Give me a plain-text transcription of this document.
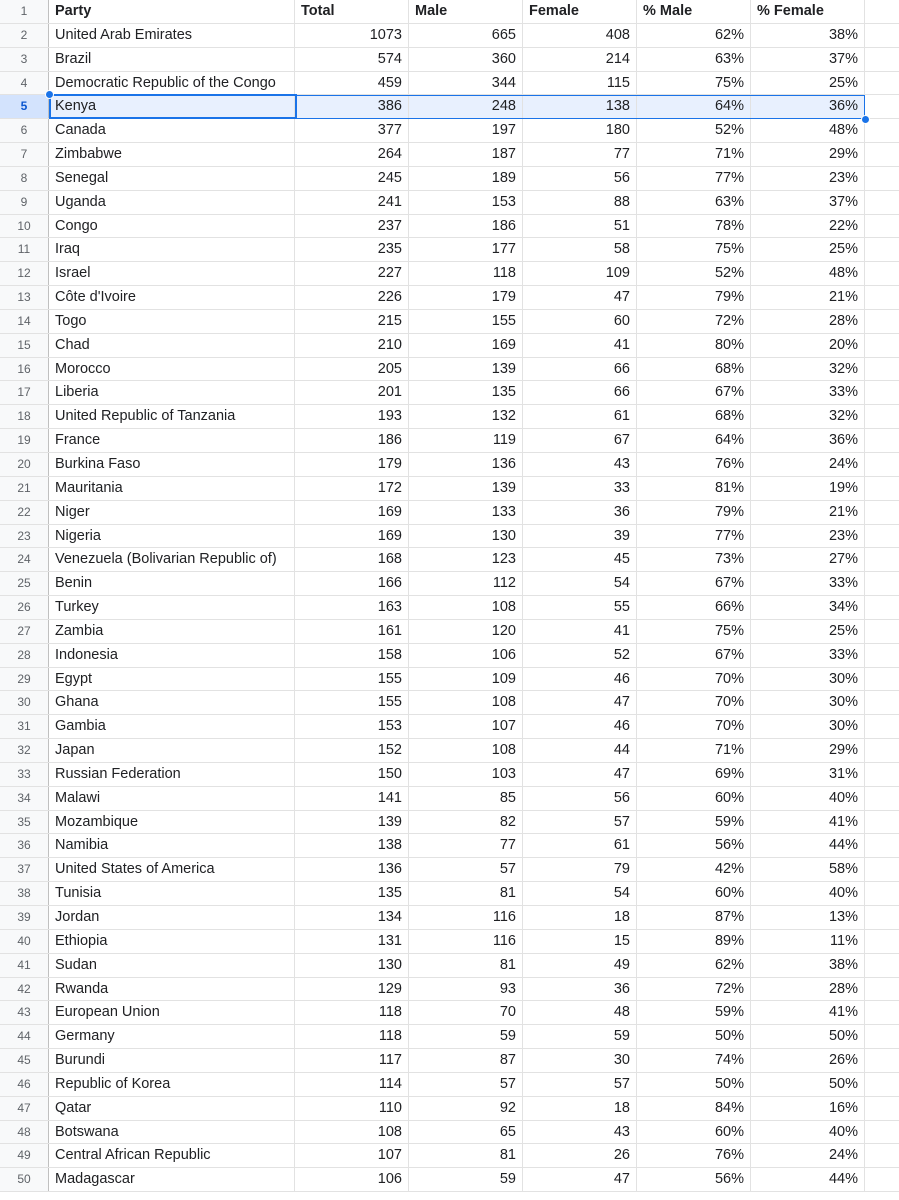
1	Party	Total	Male	Female	% Male	% Female
2	United Arab Emirates	1073	665	408	62%	38%
3	Brazil	574	360	214	63%	37%
4	Democratic Republic of the Congo	459	344	115	75%	25%
5	Kenya	386	248	138	64%	36%
6	Canada	377	197	180	52%	48%
7	Zimbabwe	264	187	77	71%	29%
8	Senegal	245	189	56	77%	23%
9	Uganda	241	153	88	63%	37%
10	Congo	237	186	51	78%	22%
11	Iraq	235	177	58	75%	25%
12	Israel	227	118	109	52%	48%
13	Côte d'Ivoire	226	179	47	79%	21%
14	Togo	215	155	60	72%	28%
15	Chad	210	169	41	80%	20%
16	Morocco	205	139	66	68%	32%
17	Liberia	201	135	66	67%	33%
18	United Republic of Tanzania	193	132	61	68%	32%
19	France	186	119	67	64%	36%
20	Burkina Faso	179	136	43	76%	24%
21	Mauritania	172	139	33	81%	19%
22	Niger	169	133	36	79%	21%
23	Nigeria	169	130	39	77%	23%
24	Venezuela (Bolivarian Republic of)	168	123	45	73%	27%
25	Benin	166	112	54	67%	33%
26	Turkey	163	108	55	66%	34%
27	Zambia	161	120	41	75%	25%
28	Indonesia	158	106	52	67%	33%
29	Egypt	155	109	46	70%	30%
30	Ghana	155	108	47	70%	30%
31	Gambia	153	107	46	70%	30%
32	Japan	152	108	44	71%	29%
33	Russian Federation	150	103	47	69%	31%
34	Malawi	141	85	56	60%	40%
35	Mozambique	139	82	57	59%	41%
36	Namibia	138	77	61	56%	44%
37	United States of America	136	57	79	42%	58%
38	Tunisia	135	81	54	60%	40%
39	Jordan	134	116	18	87%	13%
40	Ethiopia	131	116	15	89%	11%
41	Sudan	130	81	49	62%	38%
42	Rwanda	129	93	36	72%	28%
43	European Union	118	70	48	59%	41%
44	Germany	118	59	59	50%	50%
45	Burundi	117	87	30	74%	26%
46	Republic of Korea	114	57	57	50%	50%
47	Qatar	110	92	18	84%	16%
48	Botswana	108	65	43	60%	40%
49	Central African Republic	107	81	26	76%	24%
50	Madagascar	106	59	47	56%	44%
